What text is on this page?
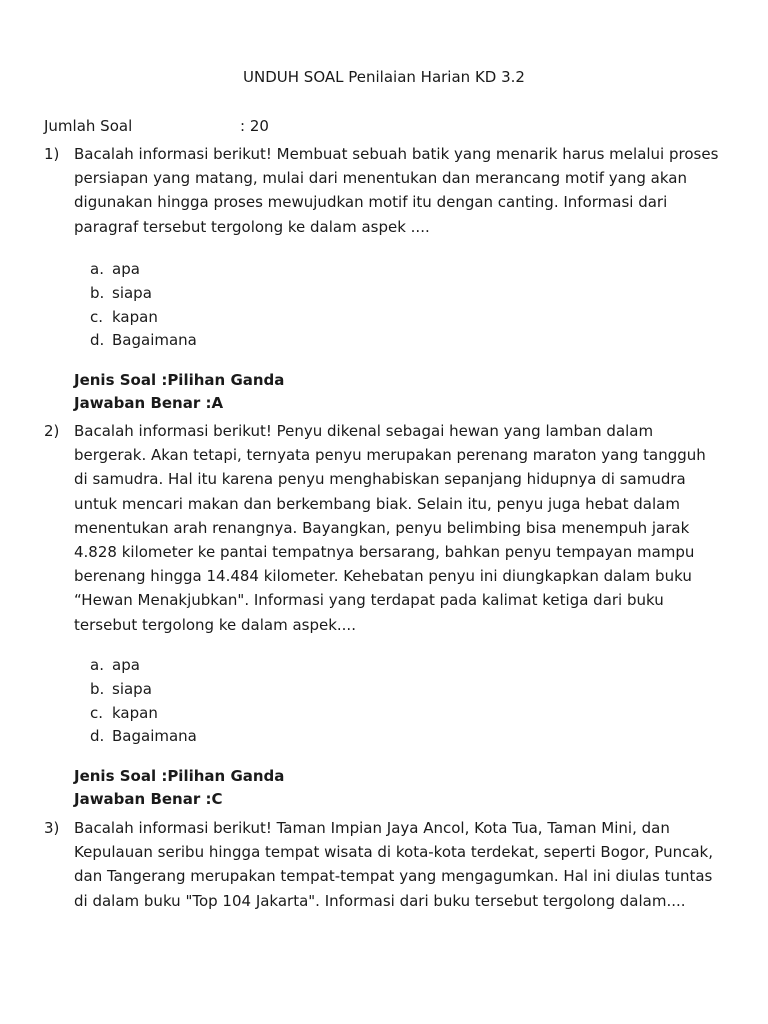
UNDUH SOAL Penilaian Harian KD 3.2
Jumlah Soal	: 20
1) Bacalah informasi berikut! Membuat sebuah batik yang menarik harus melalui proses persiapan yang matang, mulai dari menentukan dan merancang motif yang akan digunakan hingga proses mewujudkan motif itu dengan canting. Informasi dari paragraf tersebut tergolong ke dalam aspek ....
a. apa
b. siapa
c. kapan
d. Bagaimana
Jenis Soal :Pilihan Ganda
Jawaban Benar :A
2) Bacalah informasi berikut! Penyu dikenal sebagai hewan yang lamban dalam bergerak. Akan tetapi, ternyata penyu merupakan perenang maraton yang tangguh di samudra. Hal itu karena penyu menghabiskan sepanjang hidupnya di samudra untuk mencari makan dan berkembang biak. Selain itu, penyu juga hebat dalam menentukan arah renangnya. Bayangkan, penyu belimbing bisa menempuh jarak 4.828 kilometer ke pantai tempatnya bersarang, bahkan penyu tempayan mampu berenang hingga 14.484 kilometer. Kehebatan penyu ini diungkapkan dalam buku “Hewan Menakjubkan". Informasi yang terdapat pada kalimat ketiga dari buku tersebut tergolong ke dalam aspek....
a. apa
b. siapa
c. kapan
d. Bagaimana
Jenis Soal :Pilihan Ganda
Jawaban Benar :C
3) Bacalah informasi berikut! Taman Impian Jaya Ancol, Kota Tua, Taman Mini, dan Kepulauan seribu hingga tempat wisata di kota-kota terdekat, seperti Bogor, Puncak, dan Tangerang merupakan tempat-tempat yang mengagumkan. Hal ini diulas tuntas di dalam buku "Top 104 Jakarta". Informasi dari buku tersebut tergolong dalam....
